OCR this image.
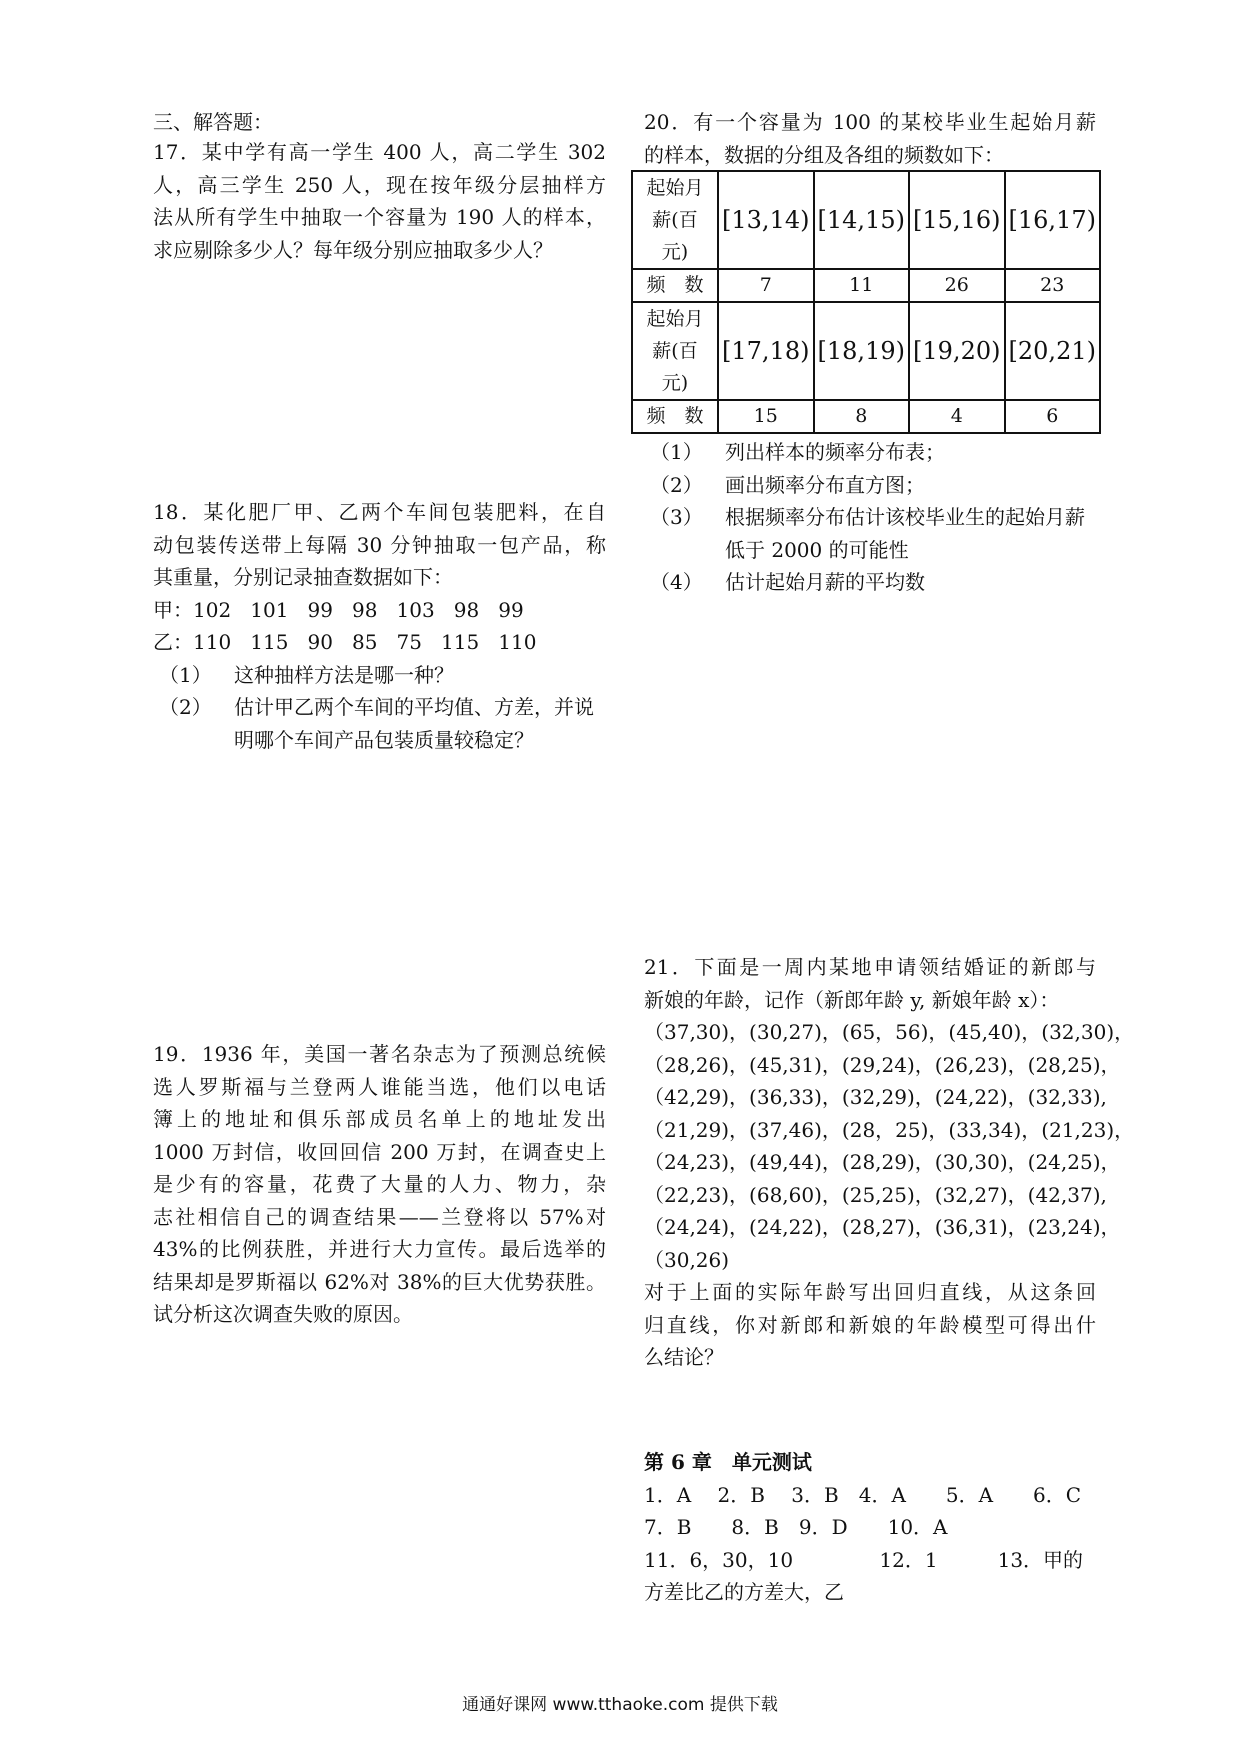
三、解答题：

17．某中学有高一学生 400 人，高二学生 302

人，高三学生 250 人，现在按年级分层抽样方

法从所有学生中抽取一个容量为 190 人的样本，

求应剔除多少人？每年级分别应抽取多少人？

18．某化肥厂甲、乙两个车间包装肥料，在自

动包装传送带上每隔 30 分钟抽取一包产品，称

其重量，分别记录抽查数据如下：

甲：102   101   99   98   103   98   99

乙：110   115   90   85   75   115   110

（1）	这种抽样方法是哪一种？
（2）	估计甲乙两个车间的平均值、方差，并说明哪个车间产品包装质量较稳定？

19．1936 年，美国一著名杂志为了预测总统候

选人罗斯福与兰登两人谁能当选，他们以电话

簿上的地址和俱乐部成员名单上的地址发出

1000 万封信，收回回信 200 万封，在调查史上

是少有的容量，花费了大量的人力、物力，杂

志社相信自己的调查结果——兰登将以 57%对

43%的比例获胜，并进行大力宣传。最后选举的

结果却是罗斯福以 62%对 38%的巨大优势获胜。

试分析这次调查失败的原因。

20．有一个容量为 100 的某校毕业生起始月薪

的样本，数据的分组及各组的频数如下：

起始月
薪(百
元)	[13,14)	[14,15)	[15,16)	[16,17)
频　数	7	11	26	23
起始月
薪(百
元)	[17,18)	[18,19)	[19,20)	[20,21)
频　数	15	8	4	6
（1）	列出样本的频率分布表；
（2）	画出频率分布直方图；
（3）	根据频率分布估计该校毕业生的起始月薪低于 2000 的可能性
（4）	估计起始月薪的平均数

21．下面是一周内某地申请领结婚证的新郎与

新娘的年龄，记作（新郎年龄 y, 新娘年龄 x）：

（37,30)，(30,27)，(65，56)，(45,40)，(32,30)，

（28,26)，(45,31)，(29,24)，(26,23)，(28,25)，

（42,29)，(36,33)，(32,29)，(24,22)，(32,33),

（21,29)，(37,46)，(28，25)，(33,34)，(21,23)，

（24,23)，(49,44)，(28,29)，(30,30)，(24,25)，

（22,23)，(68,60)，(25,25)，(32,27)，(42,37),

（24,24)，(24,22)，(28,27)，(36,31)，(23,24)，

（30,26)

对于上面的实际年龄写出回归直线，从这条回

归直线，你对新郎和新娘的年龄模型可得出什

么结论？

第 6 章　单元测试

1．A　 2．B　 3．B　4．A　　5．A　　6．C

7．B　　8．B　9．D　　10．A

11．6，30，10　　　　 12．1　　　13．甲的

方差比乙的方差大，乙

通通好课网 www.tthaoke.com 提供下载
